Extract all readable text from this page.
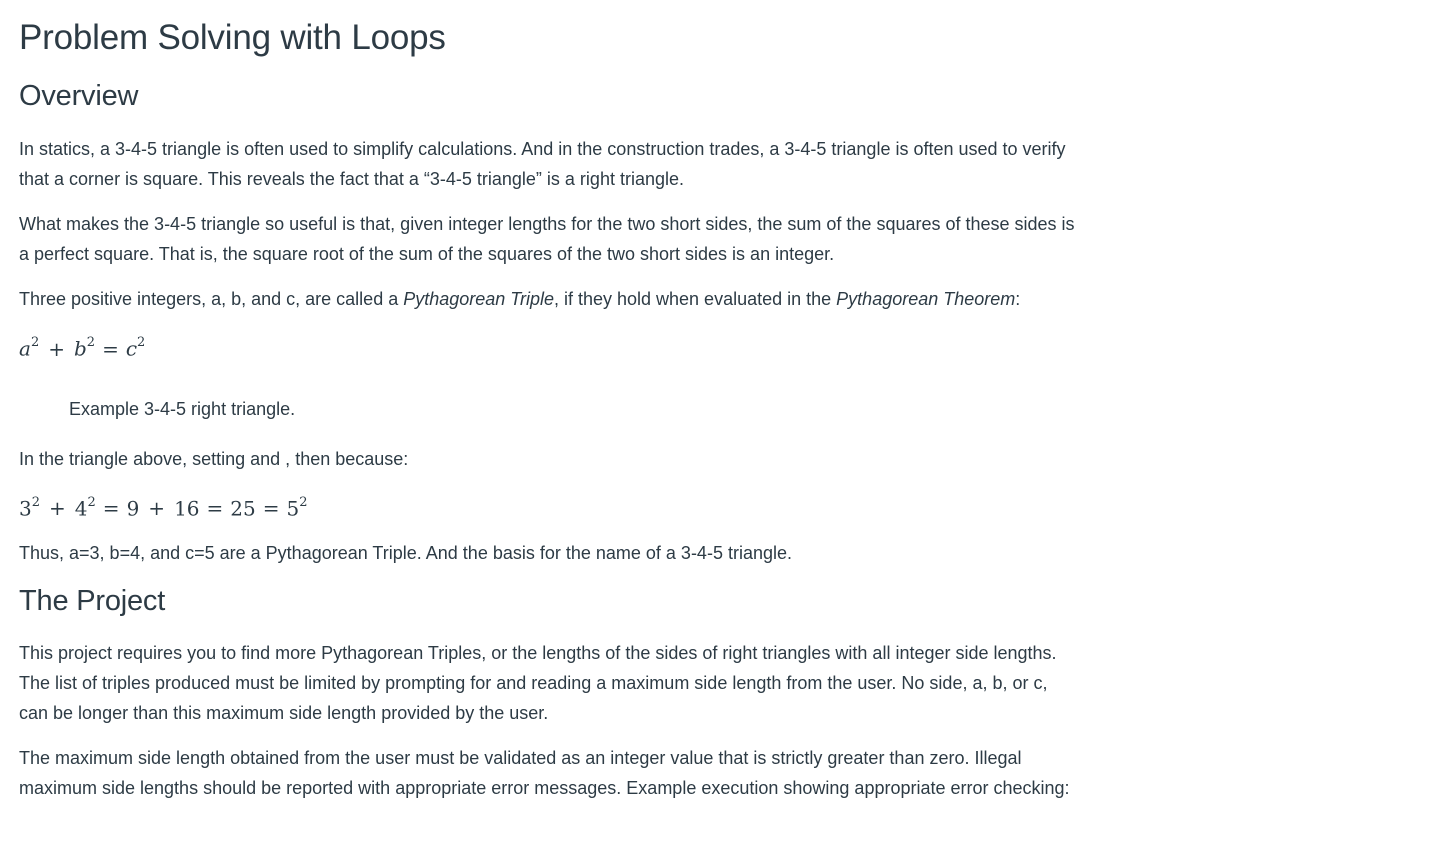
Problem Solving with Loops
Overview

In statics, a 3-4-5 triangle is often used to simplify calculations. And in the construction trades, a 3-4-5 triangle is often used to verify that a corner is square. This reveals the fact that a “3-4-5 triangle” is a right triangle.

What makes the 3-4-5 triangle so useful is that, given integer lengths for the two short sides, the sum of the squares of these sides is a perfect square. That is, the square root of the sum of the squares of the two short sides is an integer.

Three positive integers, a, b, and c, are called a Pythagorean Triple, if they hold when evaluated in the Pythagorean Theorem:

$a^2 + b^2 = c^2$

Example 3-4-5 right triangle.

In the triangle above, setting and , then because:

$3^2 + 4^2 = 9 + 16 = 25 = 5^2$

Thus, a=3, b=4, and c=5 are a Pythagorean Triple. And the basis for the name of a 3-4-5 triangle.

The Project

This project requires you to find more Pythagorean Triples, or the lengths of the sides of right triangles with all integer side lengths. The list of triples produced must be limited by prompting for and reading a maximum side length from the user. No side, a, b, or c, can be longer than this maximum side length provided by the user.

The maximum side length obtained from the user must be validated as an integer value that is strictly greater than zero. Illegal maximum side lengths should be reported with appropriate error messages. Example execution showing appropriate error checking:
